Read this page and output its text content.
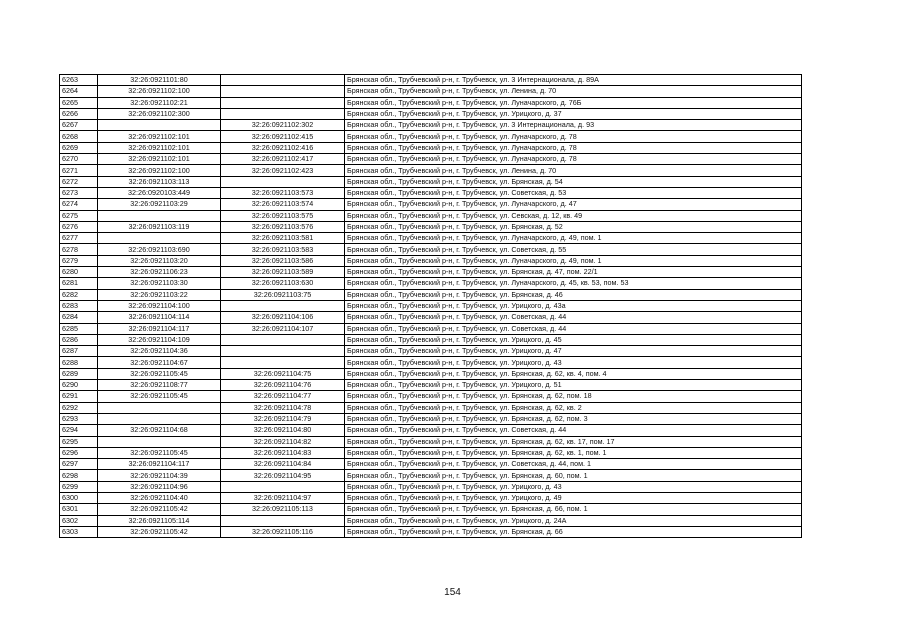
6263	32:26:0921101:80		Брянская обл., Трубчевский р-н, г. Трубчевск, ул. 3 Интернационала, д. 89А
6264	32:26:0921102:100		Брянская обл., Трубчевский р-н, г. Трубчевск, ул. Ленина, д. 70
6265	32:26:0921102:21		Брянская обл., Трубчевский р-н, г. Трубчевск, ул. Луначарского, д. 76Б
6266	32:26:0921102:300		Брянская обл., Трубчевский р-н, г. Трубчевск, ул. Урицкого, д. 37
6267		32:26:0921102:302	Брянская обл., Трубчевский р-н, г. Трубчевск, ул. 3 Интернационала, д. 93
6268	32:26:0921102:101	32:26:0921102:415	Брянская обл., Трубчевский р-н, г. Трубчевск, ул. Луначарского, д. 78
6269	32:26:0921102:101	32:26:0921102:416	Брянская обл., Трубчевский р-н, г. Трубчевск, ул. Луначарского, д. 78
6270	32:26:0921102:101	32:26:0921102:417	Брянская обл., Трубчевский р-н, г. Трубчевск, ул. Луначарского, д. 78
6271	32:26:0921102:100	32:26:0921102:423	Брянская обл., Трубчевский р-н, г. Трубчевск, ул. Ленина, д. 70
6272	32:26:0921103:113		Брянская обл., Трубчевский р-н, г. Трубчевск, ул. Брянская, д. 54
6273	32:26:0920103:449	32:26:0921103:573	Брянская обл., Трубчевский р-н, г. Трубчевск, ул. Советская, д. 53
6274	32:26:0921103:29	32:26:0921103:574	Брянская обл., Трубчевский р-н, г. Трубчевск, ул. Луначарского, д. 47
6275		32:26:0921103:575	Брянская обл., Трубчевский р-н, г. Трубчевск, ул. Севская, д. 12, кв. 49
6276	32:26:0921103:119	32:26:0921103:576	Брянская обл., Трубчевский р-н, г. Трубчевск, ул. Брянская, д. 52
6277		32:26:0921103:581	Брянская обл., Трубчевский р-н, г. Трубчевск, ул. Луначарского, д. 49, пом. 1
6278	32:26:0921103:690	32:26:0921103:583	Брянская обл., Трубчевский р-н, г. Трубчевск, ул. Советская, д. 55
6279	32:26:0921103:20	32:26:0921103:586	Брянская обл., Трубчевский р-н, г. Трубчевск, ул. Луначарского, д. 49, пом. 1
6280	32:26:0921106:23	32:26:0921103:589	Брянская обл., Трубчевский р-н, г. Трубчевск, ул. Брянская, д. 47, пом. 22/1
6281	32:26:0921103:30	32:26:0921103:630	Брянская обл., Трубчевский р-н, г. Трубчевск, ул. Луначарского, д. 45, кв. 53, пом. 53
6282	32:26:0921103:22	32:26:0921103:75	Брянская обл., Трубчевский р-н, г. Трубчевск, ул. Брянская, д. 46
6283	32:26:0921104:100		Брянская обл., Трубчевский р-н, г. Трубчевск, ул. Урицкого, д. 43а
6284	32:26:0921104:114	32:26:0921104:106	Брянская обл., Трубчевский р-н, г. Трубчевск, ул. Советская, д. 44
6285	32:26:0921104:117	32:26:0921104:107	Брянская обл., Трубчевский р-н, г. Трубчевск, ул. Советская, д. 44
6286	32:26:0921104:109		Брянская обл., Трубчевский р-н, г. Трубчевск, ул. Урицкого, д. 45
6287	32:26:0921104:36		Брянская обл., Трубчевский р-н, г. Трубчевск, ул. Урицкого, д. 47
6288	32:26:0921104:67		Брянская обл., Трубчевский р-н, г. Трубчевск, ул. Урицкого, д. 43
6289	32:26:0921105:45	32:26:0921104:75	Брянская обл., Трубчевский р-н, г. Трубчевск, ул. Брянская, д. 62, кв. 4, пом. 4
6290	32:26:0921108:77	32:26:0921104:76	Брянская обл., Трубчевский р-н, г. Трубчевск, ул. Урицкого, д. 51
6291	32:26:0921105:45	32:26:0921104:77	Брянская обл., Трубчевский р-н, г. Трубчевск, ул. Брянская, д. 62, пом. 18
6292		32:26:0921104:78	Брянская обл., Трубчевский р-н, г. Трубчевск, ул. Брянская, д. 62, кв. 2
6293		32:26:0921104:79	Брянская обл., Трубчевский р-н, г. Трубчевск, ул. Брянская, д. 62, пом. 3
6294	32:26:0921104:68	32:26:0921104:80	Брянская обл., Трубчевский р-н, г. Трубчевск, ул. Советская, д. 44
6295		32:26:0921104:82	Брянская обл., Трубчевский р-н, г. Трубчевск, ул. Брянская, д. 62, кв. 17, пом. 17
6296	32:26:0921105:45	32:26:0921104:83	Брянская обл., Трубчевский р-н, г. Трубчевск, ул. Брянская, д. 62, кв. 1, пом. 1
6297	32:26:0921104:117	32:26:0921104:84	Брянская обл., Трубчевский р-н, г. Трубчевск, ул. Советская, д. 44, пом. 1
6298	32:26:0921104:39	32:26:0921104:95	Брянская обл., Трубчевский р-н, г. Трубчевск, ул. Брянская, д. 60, пом. 1
6299	32:26:0921104:96		Брянская обл., Трубчевский р-н, г. Трубчевск, ул. Урицкого, д. 43
6300	32:26:0921104:40	32:26:0921104:97	Брянская обл., Трубчевский р-н, г. Трубчевск, ул. Урицкого, д. 49
6301	32:26:0921105:42	32:26:0921105:113	Брянская обл., Трубчевский р-н, г. Трубчевск, ул. Брянская, д. 66, пом. 1
6302	32:26:0921105:114		Брянская обл., Трубчевский р-н, г. Трубчевск, ул. Урицкого, д. 24А
6303	32:26:0921105:42	32:26:0921105:116	Брянская обл., Трубчевский р-н, г. Трубчевск, ул. Брянская, д. 66
154
